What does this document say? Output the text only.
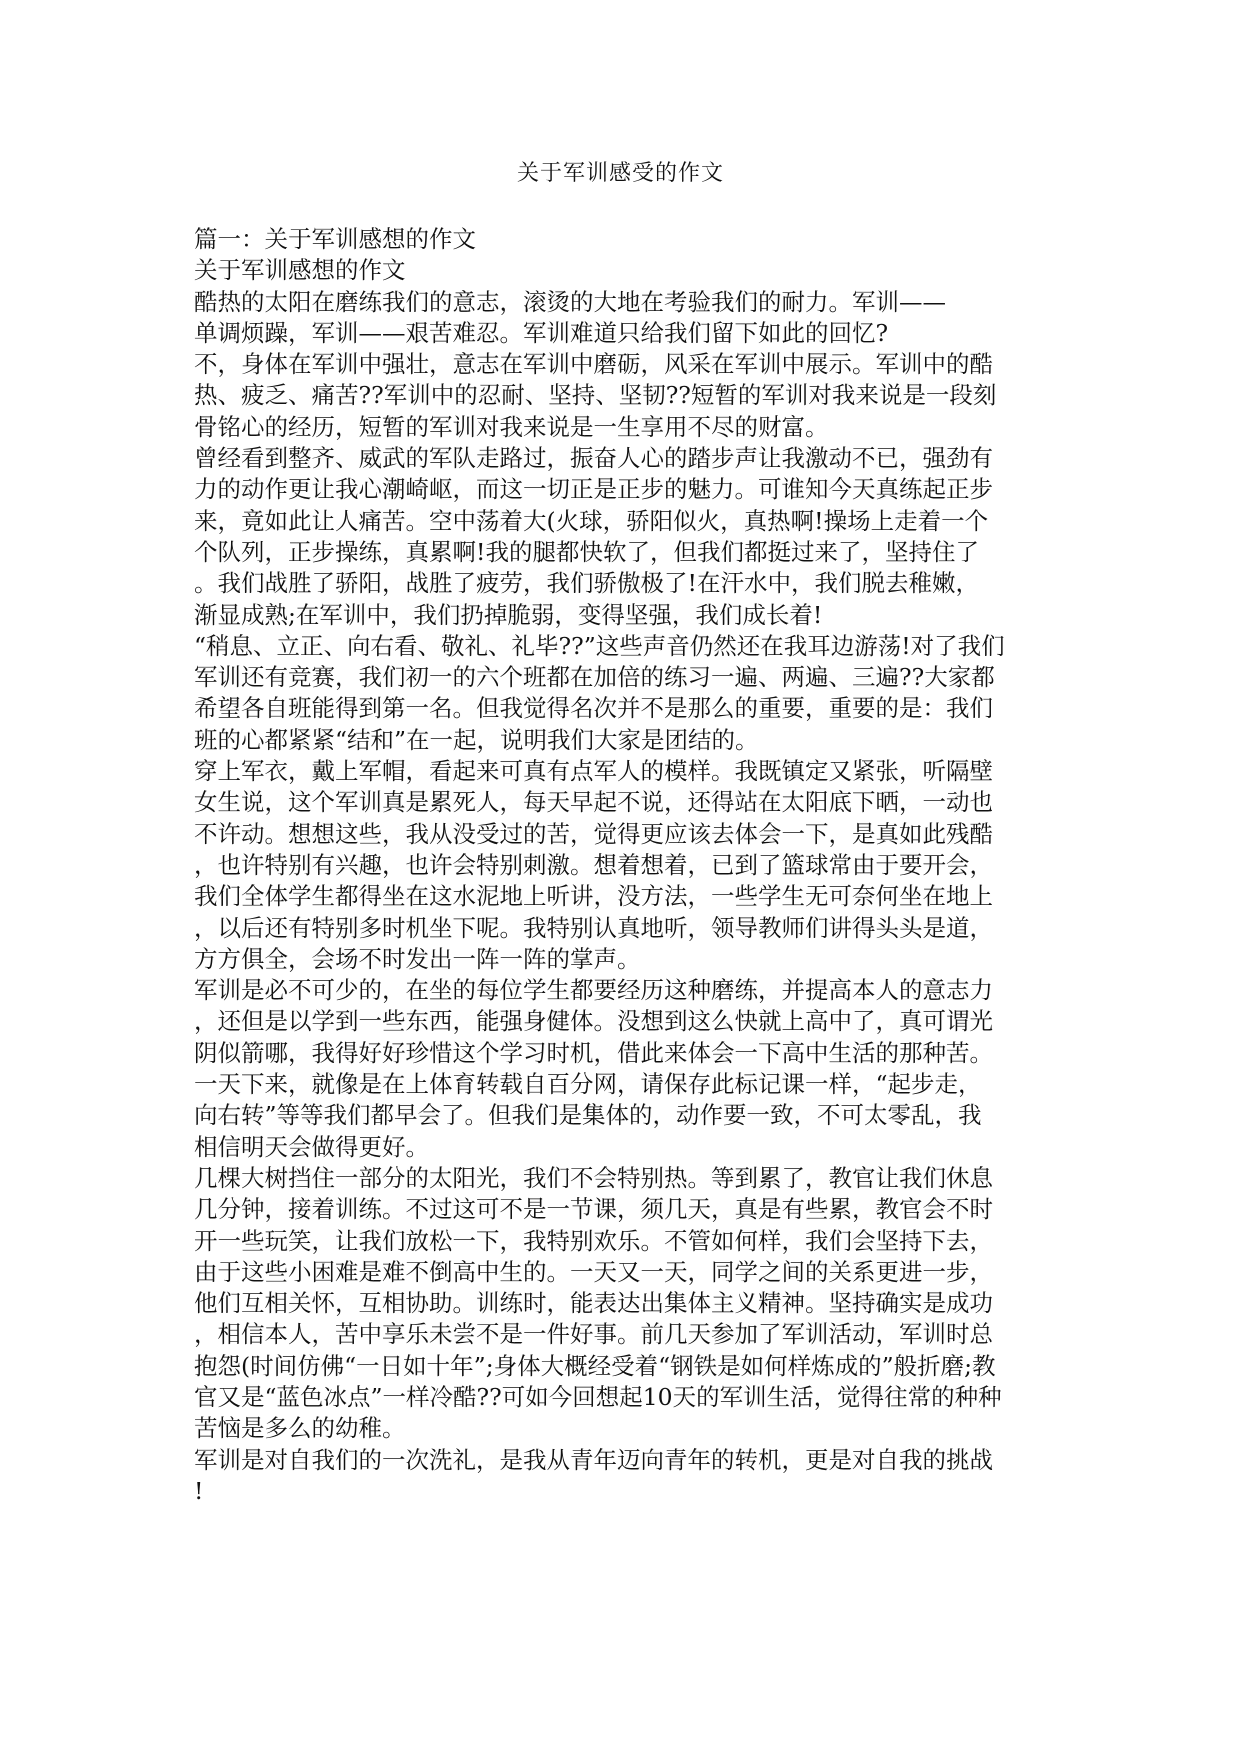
关于军训感受的作文
篇一：关于军训感想的作文
关于军训感想的作文
酷热的太阳在磨练我们的意志，滚烫的大地在考验我们的耐力。军训——
单调烦躁，军训——艰苦难忍。军训难道只给我们留下如此的回忆?
不，身体在军训中强壮，意志在军训中磨砺，风采在军训中展示。军训中的酷
热、疲乏、痛苦??军训中的忍耐、坚持、坚韧??短暂的军训对我来说是一段刻
骨铭心的经历，短暂的军训对我来说是一生享用不尽的财富。
曾经看到整齐、威武的军队走路过，振奋人心的踏步声让我激动不已，强劲有
力的动作更让我心潮崎岖，而这一切正是正步的魅力。可谁知今天真练起正步
来，竟如此让人痛苦。空中荡着大(火球，骄阳似火，真热啊!操场上走着一个
个队列，正步操练，真累啊!我的腿都快软了，但我们都挺过来了，坚持住了
。我们战胜了骄阳，战胜了疲劳，我们骄傲极了!在汗水中，我们脱去稚嫩，
渐显成熟;在军训中，我们扔掉脆弱，变得坚强，我们成长着!
“稍息、立正、向右看、敬礼、礼毕??”这些声音仍然还在我耳边游荡!对了我们
军训还有竞赛，我们初一的六个班都在加倍的练习一遍、两遍、三遍??大家都
希望各自班能得到第一名。但我觉得名次并不是那么的重要，重要的是：我们
班的心都紧紧“结和”在一起，说明我们大家是团结的。
穿上军衣，戴上军帽，看起来可真有点军人的模样。我既镇定又紧张，听隔壁
女生说，这个军训真是累死人，每天早起不说，还得站在太阳底下晒，一动也
不许动。想想这些，我从没受过的苦，觉得更应该去体会一下，是真如此残酷
，也许特别有兴趣，也许会特别刺激。想着想着，已到了篮球常由于要开会，
我们全体学生都得坐在这水泥地上听讲，没方法，一些学生无可奈何坐在地上
，以后还有特别多时机坐下呢。我特别认真地听，领导教师们讲得头头是道，
方方俱全，会场不时发出一阵一阵的掌声。
军训是必不可少的，在坐的每位学生都要经历这种磨练，并提高本人的意志力
，还但是以学到一些东西，能强身健体。没想到这么快就上高中了，真可谓光
阴似箭哪，我得好好珍惜这个学习时机，借此来体会一下高中生活的那种苦。
一天下来，就像是在上体育转载自百分网，请保存此标记课一样，“起步走，
向右转”等等我们都早会了。但我们是集体的，动作要一致，不可太零乱，我
相信明天会做得更好。
几棵大树挡住一部分的太阳光，我们不会特别热。等到累了，教官让我们休息
几分钟，接着训练。不过这可不是一节课，须几天，真是有些累，教官会不时
开一些玩笑，让我们放松一下，我特别欢乐。不管如何样，我们会坚持下去，
由于这些小困难是难不倒高中生的。一天又一天，同学之间的关系更进一步，
他们互相关怀，互相协助。训练时，能表达出集体主义精神。坚持确实是成功
，相信本人，苦中享乐未尝不是一件好事。前几天参加了军训活动，军训时总
抱怨(时间仿佛“一日如十年”;身体大概经受着“钢铁是如何样炼成的”般折磨;教
官又是“蓝色冰点”一样冷酷??可如今回想起10天的军训生活，觉得往常的种种
苦恼是多么的幼稚。
军训是对自我们的一次洗礼，是我从青年迈向青年的转机，更是对自我的挑战
!
